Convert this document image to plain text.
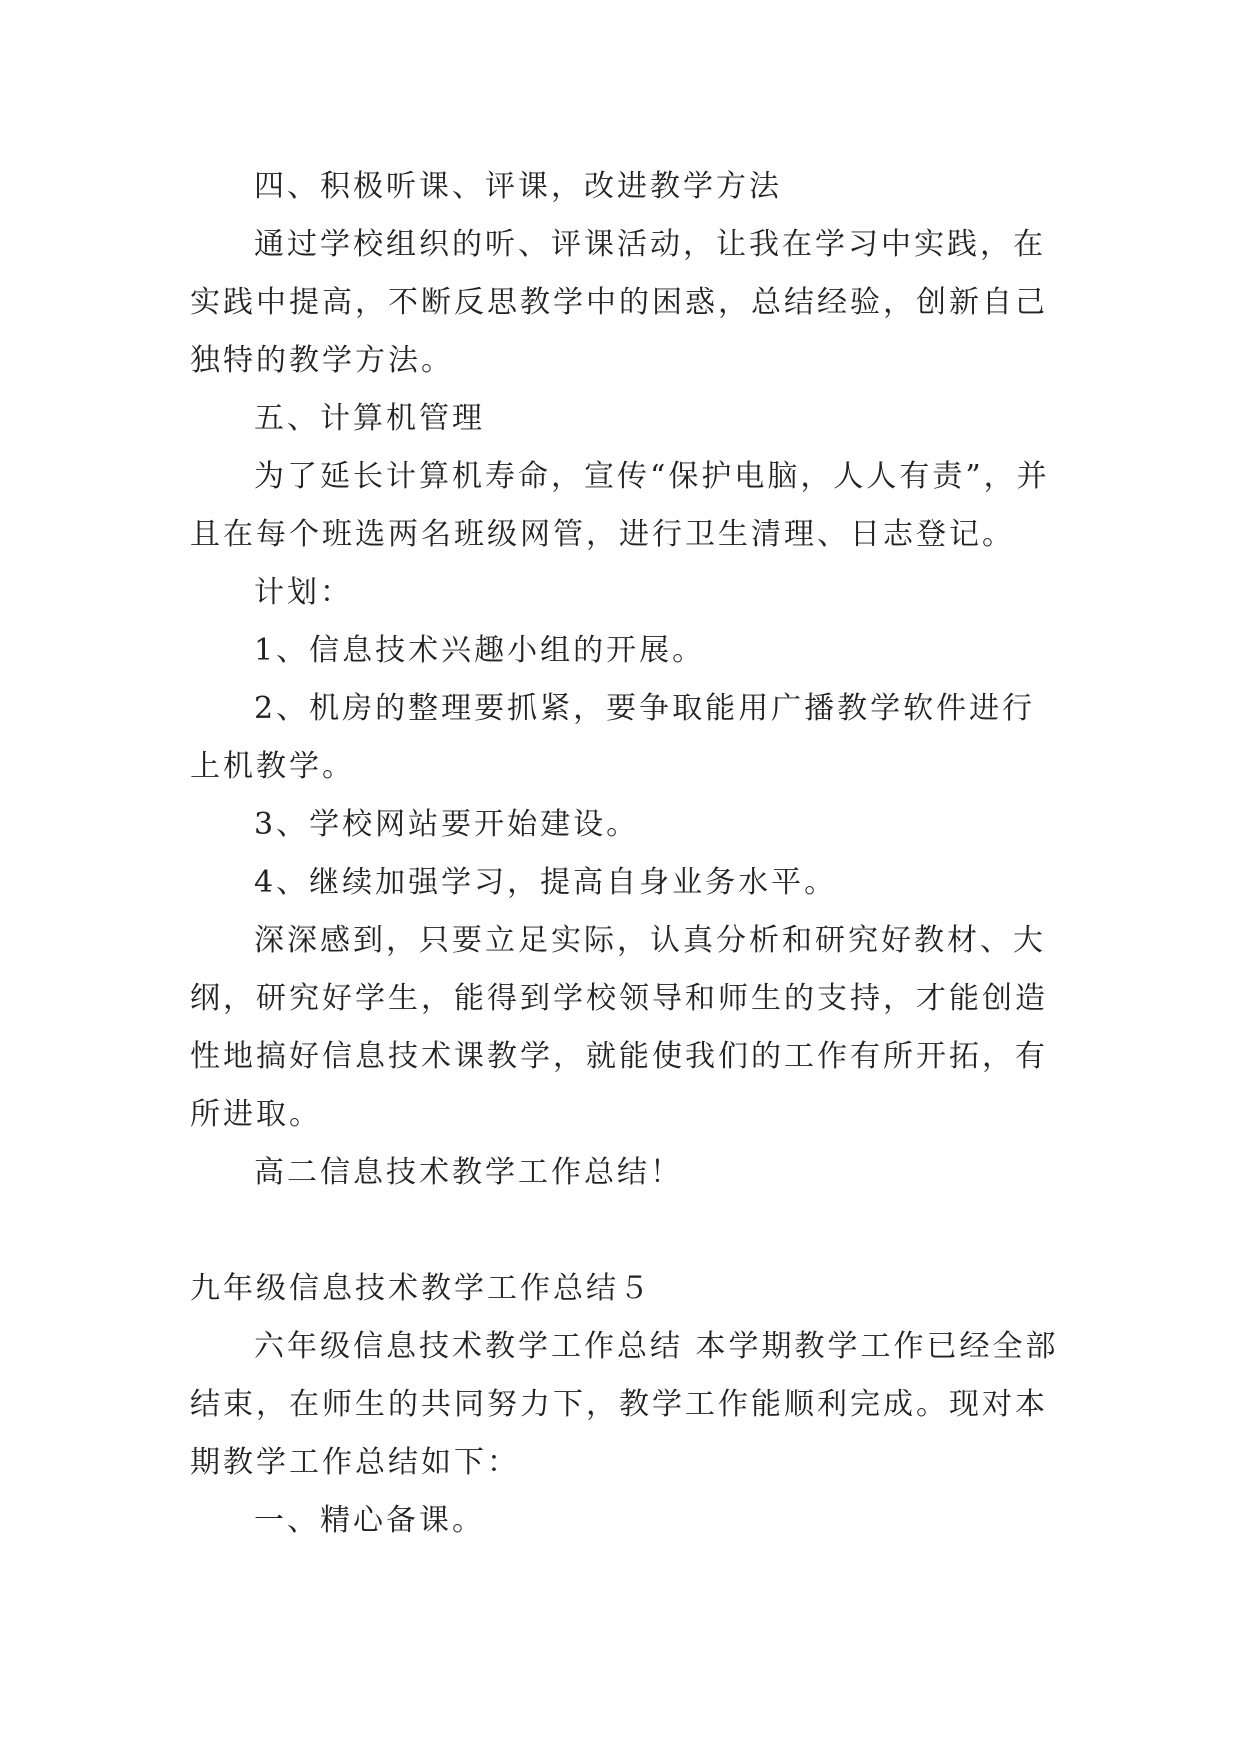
四、积极听课、评课，改进教学方法

通过学校组织的听、评课活动，让我在学习中实践，在实践中提高，不断反思教学中的困惑，总结经验，创新自己独特的教学方法。

五、计算机管理

为了延长计算机寿命，宣传“保护电脑，人人有责”，并且在每个班选两名班级网管，进行卫生清理、日志登记。

计划：

1、信息技术兴趣小组的开展。

2、机房的整理要抓紧，要争取能用广播教学软件进行上机教学。

3、学校网站要开始建设。

4、继续加强学习，提高自身业务水平。

深深感到，只要立足实际，认真分析和研究好教材、大纲，研究好学生，能得到学校领导和师生的支持，才能创造性地搞好信息技术课教学，就能使我们的工作有所开拓，有所进取。

高二信息技术教学工作总结！

九年级信息技术教学工作总结５

六年级信息技术教学工作总结 本学期教学工作已经全部结束，在师生的共同努力下，教学工作能顺利完成。现对本期教学工作总结如下：

一、精心备课。
